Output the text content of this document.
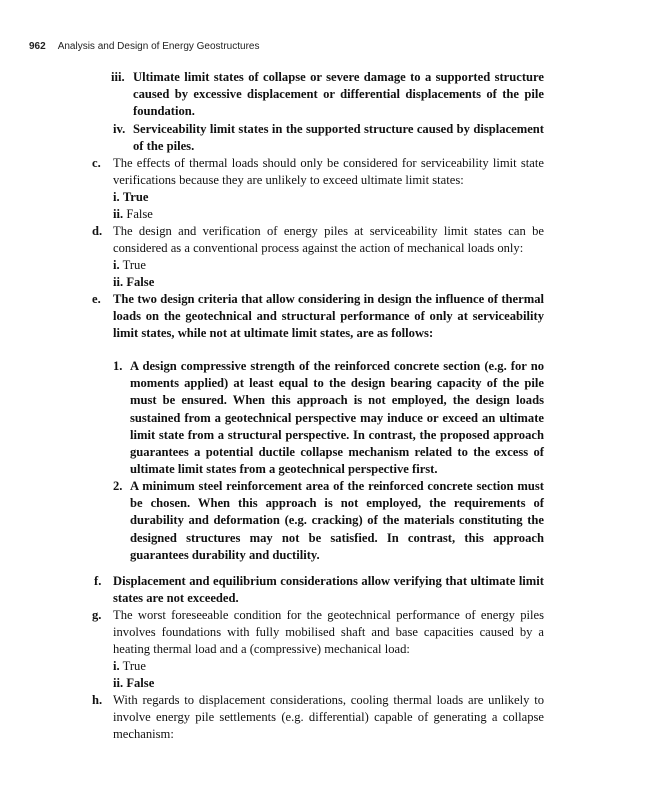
962 Analysis and Design of Energy Geostructures
iii. Ultimate limit states of collapse or severe damage to a supported structure caused by excessive displacement or differential displacements of the pile foundation.
iv. Serviceability limit states in the supported structure caused by displacement of the piles.
c. The effects of thermal loads should only be considered for serviceability limit state verifications because they are unlikely to exceed ultimate limit states:
i. True
ii. False
d. The design and verification of energy piles at serviceability limit states can be considered as a conventional process against the action of mechanical loads only:
i. True
ii. False
e. The two design criteria that allow considering in design the influence of thermal loads on the geotechnical and structural performance of only at serviceability limit states, while not at ultimate limit states, are as follows:
1. A design compressive strength of the reinforced concrete section (e.g. for no moments applied) at least equal to the design bearing capacity of the pile must be ensured. When this approach is not employed, the design loads sustained from a geotechnical perspective may induce or exceed an ultimate limit state from a structural perspective. In contrast, the proposed approach guarantees a potential ductile collapse mechanism related to the excess of ultimate limit states from a geotechnical perspective first.
2. A minimum steel reinforcement area of the reinforced concrete section must be chosen. When this approach is not employed, the requirements of durability and deformation (e.g. cracking) of the materials constituting the designed structures may not be satisfied. In contrast, this approach guarantees durability and ductility.
f. Displacement and equilibrium considerations allow verifying that ultimate limit states are not exceeded.
g. The worst foreseeable condition for the geotechnical performance of energy piles involves foundations with fully mobilised shaft and base capacities caused by a heating thermal load and a (compressive) mechanical load:
i. True
ii. False
h. With regards to displacement considerations, cooling thermal loads are unlikely to involve energy pile settlements (e.g. differential) capable of generating a collapse mechanism:
